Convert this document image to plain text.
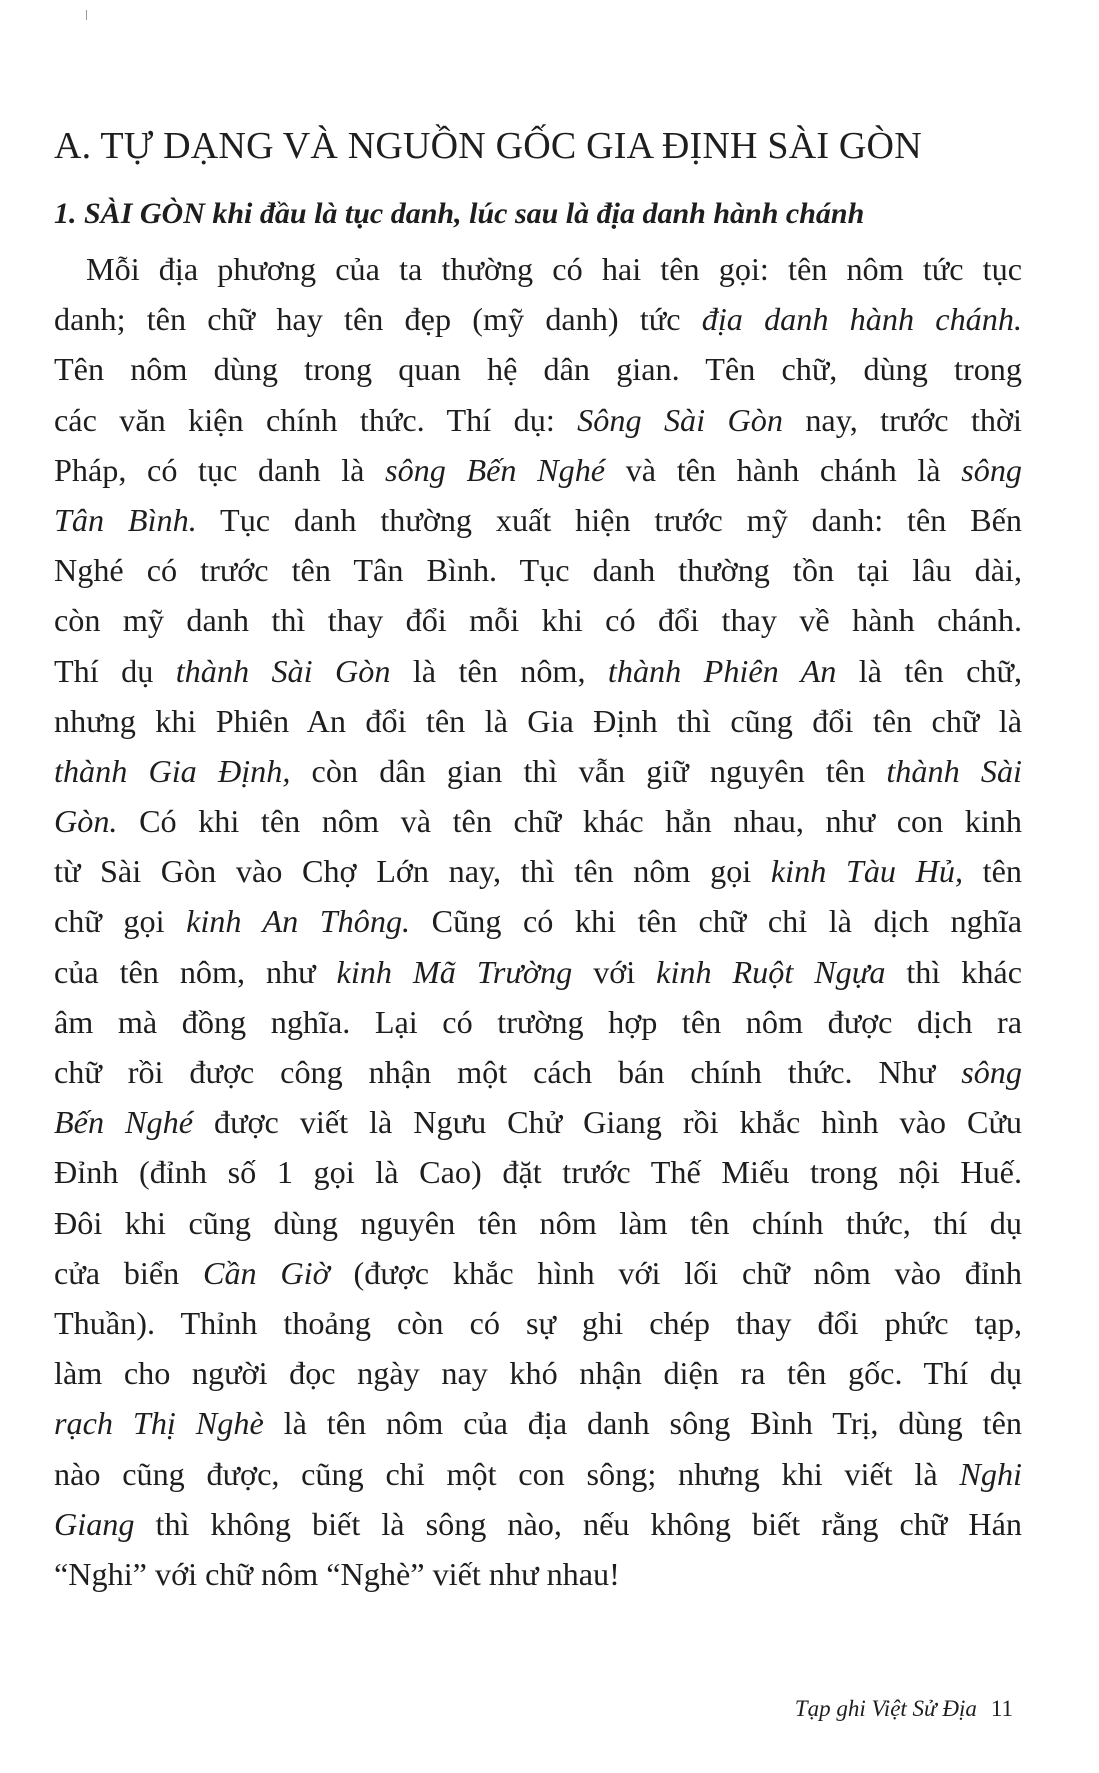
A. TỰ DẠNG VÀ NGUỒN GỐC GIA ĐỊNH SÀI GÒN
1. SÀI GÒN khi đầu là tục danh, lúc sau là địa danh hành chánh
Mỗi địa phương của ta thường có hai tên gọi: tên nôm tức tục
danh; tên chữ hay tên đẹp (mỹ danh) tức địa danh hành chánh.
Tên nôm dùng trong quan hệ dân gian. Tên chữ, dùng trong
các văn kiện chính thức. Thí dụ: Sông Sài Gòn nay, trước thời
Pháp, có tục danh là sông Bến Nghé và tên hành chánh là sông
Tân Bình. Tục danh thường xuất hiện trước mỹ danh: tên Bến
Nghé có trước tên Tân Bình. Tục danh thường tồn tại lâu dài,
còn mỹ danh thì thay đổi mỗi khi có đổi thay về hành chánh.
Thí dụ thành Sài Gòn là tên nôm, thành Phiên An là tên chữ,
nhưng khi Phiên An đổi tên là Gia Định thì cũng đổi tên chữ là
thành Gia Định, còn dân gian thì vẫn giữ nguyên tên thành Sài
Gòn. Có khi tên nôm và tên chữ khác hẳn nhau, như con kinh
từ Sài Gòn vào Chợ Lớn nay, thì tên nôm gọi kinh Tàu Hủ, tên
chữ gọi kinh An Thông. Cũng có khi tên chữ chỉ là dịch nghĩa
của tên nôm, như kinh Mã Trường với kinh Ruột Ngựa thì khác
âm mà đồng nghĩa. Lại có trường hợp tên nôm được dịch ra
chữ rồi được công nhận một cách bán chính thức. Như sông
Bến Nghé được viết là Ngưu Chử Giang rồi khắc hình vào Cửu
Đỉnh (đỉnh số 1 gọi là Cao) đặt trước Thế Miếu trong nội Huế.
Đôi khi cũng dùng nguyên tên nôm làm tên chính thức, thí dụ
cửa biển Cần Giờ (được khắc hình với lối chữ nôm vào đỉnh
Thuần). Thỉnh thoảng còn có sự ghi chép thay đổi phức tạp,
làm cho người đọc ngày nay khó nhận diện ra tên gốc. Thí dụ
rạch Thị Nghè là tên nôm của địa danh sông Bình Trị, dùng tên
nào cũng được, cũng chỉ một con sông; nhưng khi viết là Nghi
Giang thì không biết là sông nào, nếu không biết rằng chữ Hán
“Nghi” với chữ nôm “Nghè” viết như nhau!
Tạp ghi Việt Sử Địa 11
